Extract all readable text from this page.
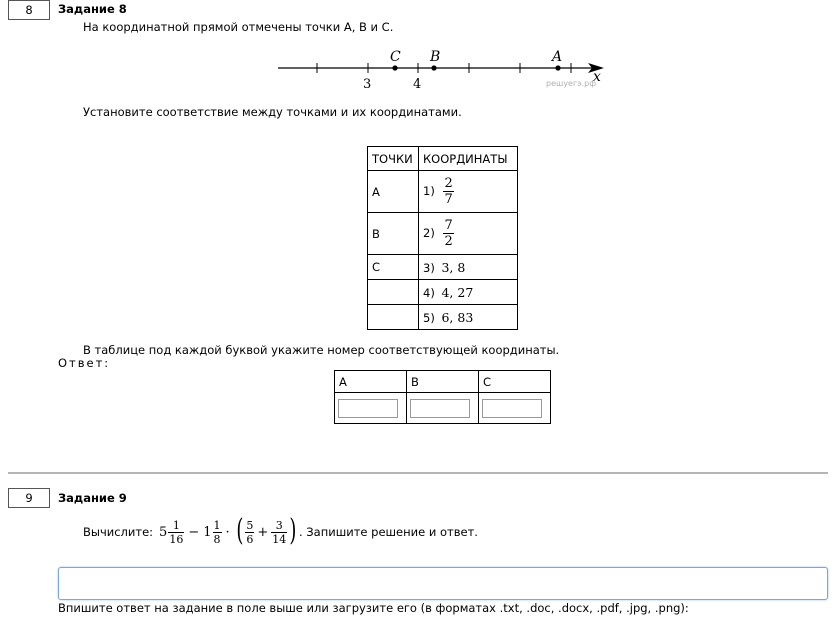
8	Задание 8
На координатной прямой отмечены точки A, B и C.
C B	A
3	4	x
решуегэ.рф
Установите соответствие между точками и их координатами.
ТОЧКИ	КООРДИНАТЫ
A	$1) \frac{2}{7}$

B	$2) \frac{7}{2}$

C	3) 3, 8
	4) 4, 27
	5) 6, 83
В таблице под каждой буквой укажите номер соответствующей координаты.
Ответ:
A	B	C

9	Задание 9
Вычислите: $5 \frac{1}{16} - 1 \frac{1}{8}$ · ( $\frac{5}{6} + \frac{3}{14}$ ) . Запишите решение и ответ.
Впишите ответ на задание в поле выше или загрузите его (в форматах .txt, .doc, .docx, .pdf, .jpg, .png):
